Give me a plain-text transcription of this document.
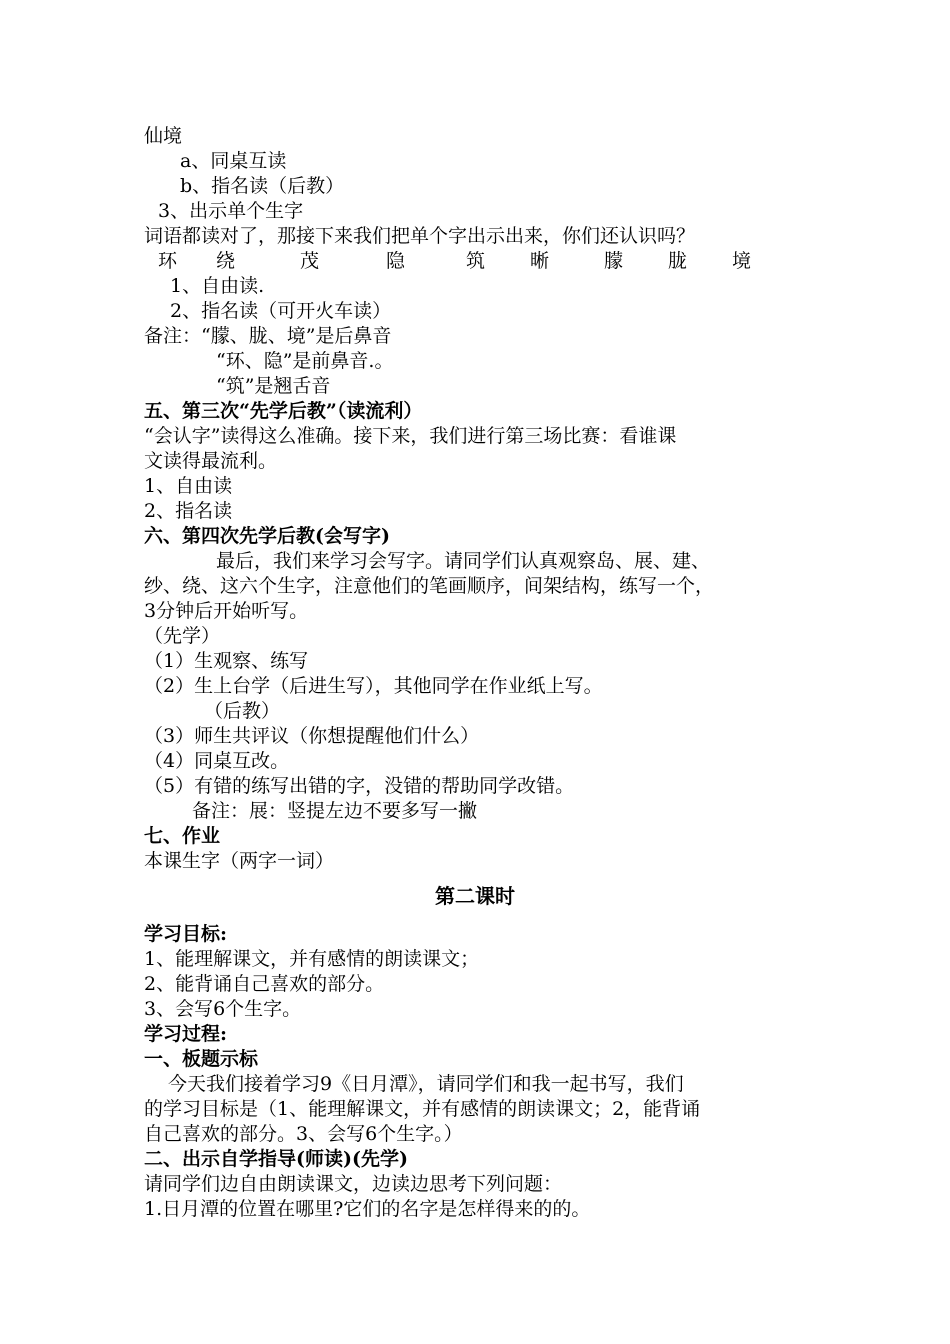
仙境
a、同桌互读
b、指名读（后教）
3、出示单个生字
词语都读对了，那接下来我们把单个字出示出来，你们还认识吗？
环 绕	茂	隐	筑 晰	朦 胧 境
1、自由读.
2、指名读（可开火车读）
备注：“朦、胧、境”是后鼻音
“环、隐”是前鼻音.。
“筑”是翘舌音
五、第三次“先学后教”（读流利）
“会认字”读得这么准确。接下来，我们进行第三场比赛：看谁课
文读得最流利。
1、自由读
2、指名读
六、第四次先学后教(会写字)
最后，我们来学习会写字。请同学们认真观察岛、展、建、
纱、绕、这六个生字，注意他们的笔画顺序，间架结构，练写一个，
3分钟后开始听写。
（先学）
（1）生观察、练写
（2）生上台学（后进生写），其他同学在作业纸上写。
（后教）
（3）师生共评议（你想提醒他们什么）
（4）同桌互改。
（5）有错的练写出错的字，没错的帮助同学改错。
备注：展：竖提左边不要多写一撇
七、作业
本课生字（两字一词）
第二课时
学习目标:
1、能理解课文，并有感情的朗读课文；
2、能背诵自己喜欢的部分。
3、会写6个生字。
学习过程:
一、板题示标
今天我们接着学习9《日月潭》，请同学们和我一起书写，我们
的学习目标是（1、能理解课文，并有感情的朗读课文；2，能背诵
自己喜欢的部分。3、会写6个生字。）
二、出示自学指导(师读)(先学)
请同学们边自由朗读课文，边读边思考下列问题：
1.日月潭的位置在哪里?它们的名字是怎样得来的的。
